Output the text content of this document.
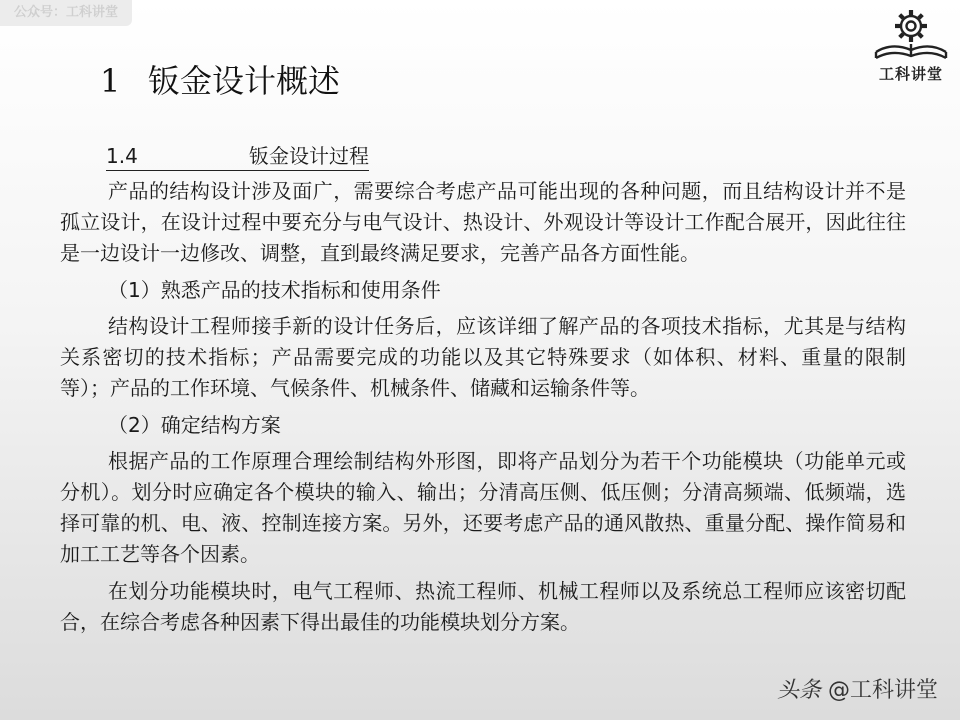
公众号：工科讲堂
工科讲堂
1 钣金设计概述
1.4	钣金设计过程

产品的结构设计涉及面广，需要综合考虑产品可能出现的各种问题，而且结构设计并不是孤立设计，在设计过程中要充分与电气设计、热设计、外观设计等设计工作配合展开，因此往往是一边设计一边修改、调整，直到最终满足要求，完善产品各方面性能。

（1）熟悉产品的技术指标和使用条件

结构设计工程师接手新的设计任务后，应该详细了解产品的各项技术指标，尤其是与结构关系密切的技术指标；产品需要完成的功能以及其它特殊要求（如体积、材料、重量的限制等）；产品的工作环境、气候条件、机械条件、储藏和运输条件等。

（2）确定结构方案

根据产品的工作原理合理绘制结构外形图，即将产品划分为若干个功能模块（功能单元或分机）。划分时应确定各个模块的输入、输出；分清高压侧、低压侧；分清高频端、低频端，选择可靠的机、电、液、控制连接方案。另外，还要考虑产品的通风散热、重量分配、操作简易和加工工艺等各个因素。

在划分功能模块时，电气工程师、热流工程师、机械工程师以及系统总工程师应该密切配合，在综合考虑各种因素下得出最佳的功能模块划分方案。

头条 @工科讲堂
